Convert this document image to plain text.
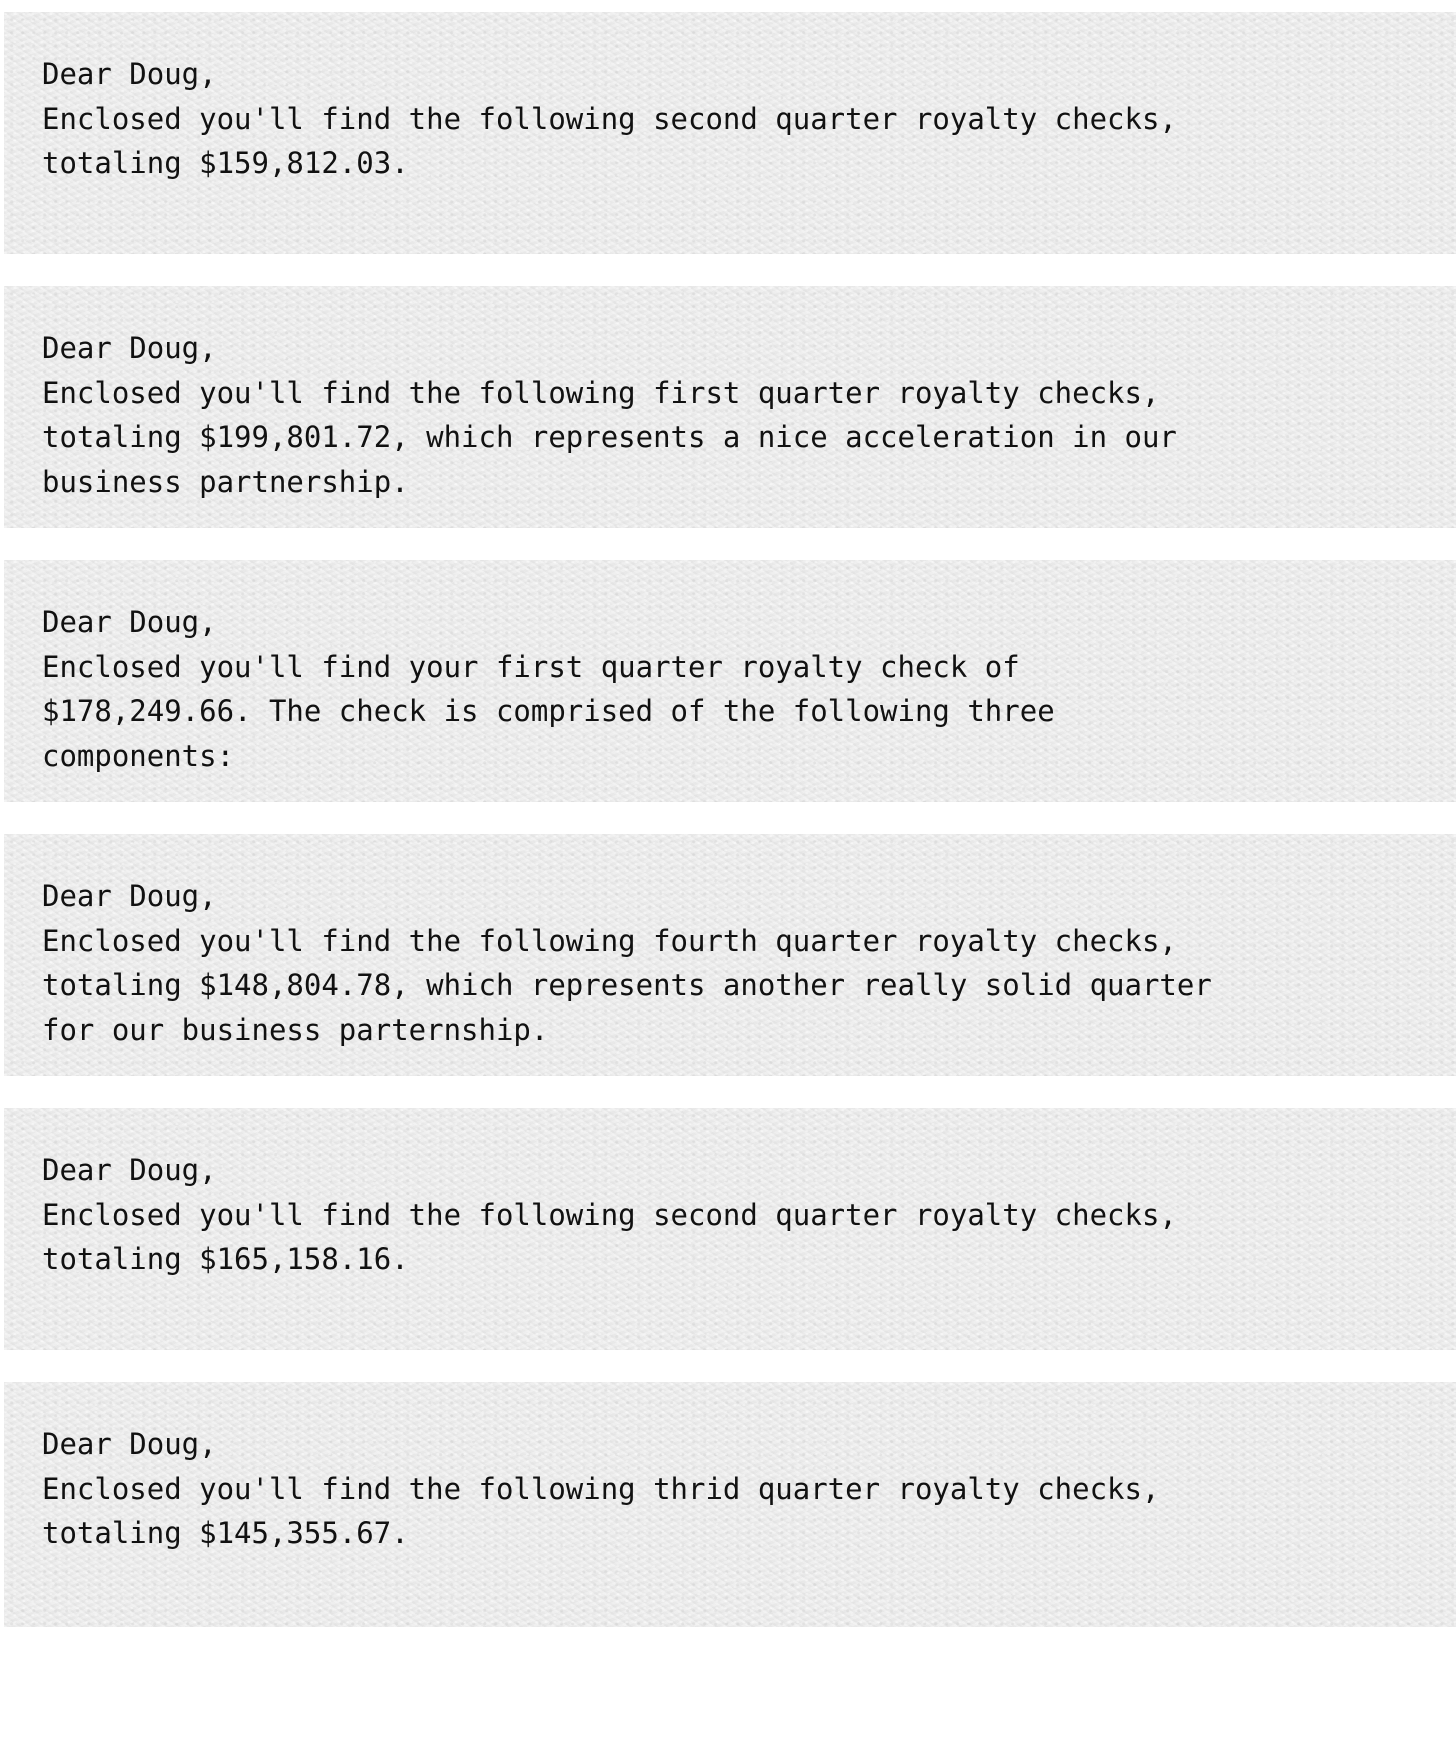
Dear Doug,

Enclosed you'll find the following second quarter royalty checks,

totaling $159,812.03.

Dear Doug,

Enclosed you'll find the following first quarter royalty checks,

totaling $199,801.72, which represents a nice acceleration in our

business partnership.

Dear Doug,

Enclosed you'll find your first quarter royalty check of

$178,249.66. The check is comprised of the following three

components:

Dear Doug,

Enclosed you'll find the following fourth quarter royalty checks,

totaling $148,804.78, which represents another really solid quarter

for our business parternship.

Dear Doug,

Enclosed you'll find the following second quarter royalty checks,

totaling $165,158.16.

Dear Doug,

Enclosed you'll find the following thrid quarter royalty checks,

totaling $145,355.67.
